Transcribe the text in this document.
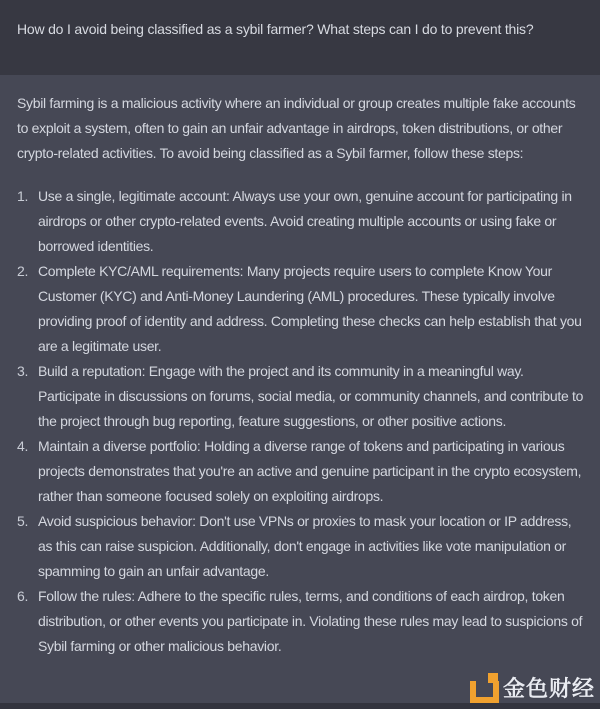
How do I avoid being classified as a sybil farmer? What steps can I do to prevent this?
Sybil farming is a malicious activity where an individual or group creates multiple fake accounts to exploit a system, often to gain an unfair advantage in airdrops, token distributions, or other crypto-related activities. To avoid being classified as a Sybil farmer, follow these steps:
1. Use a single, legitimate account: Always use your own, genuine account for participating in airdrops or other crypto-related events. Avoid creating multiple accounts or using fake or borrowed identities.
2. Complete KYC/AML requirements: Many projects require users to complete Know Your Customer (KYC) and Anti-Money Laundering (AML) procedures. These typically involve providing proof of identity and address. Completing these checks can help establish that you are a legitimate user.
3. Build a reputation: Engage with the project and its community in a meaningful way. Participate in discussions on forums, social media, or community channels, and contribute to the project through bug reporting, feature suggestions, or other positive actions.
4. Maintain a diverse portfolio: Holding a diverse range of tokens and participating in various projects demonstrates that you're an active and genuine participant in the crypto ecosystem, rather than someone focused solely on exploiting airdrops.
5. Avoid suspicious behavior: Don't use VPNs or proxies to mask your location or IP address, as this can raise suspicion. Additionally, don't engage in activities like vote manipulation or spamming to gain an unfair advantage.
6. Follow the rules: Adhere to the specific rules, terms, and conditions of each airdrop, token distribution, or other events you participate in. Violating these rules may lead to suspicions of Sybil farming or other malicious behavior.
金色财经
